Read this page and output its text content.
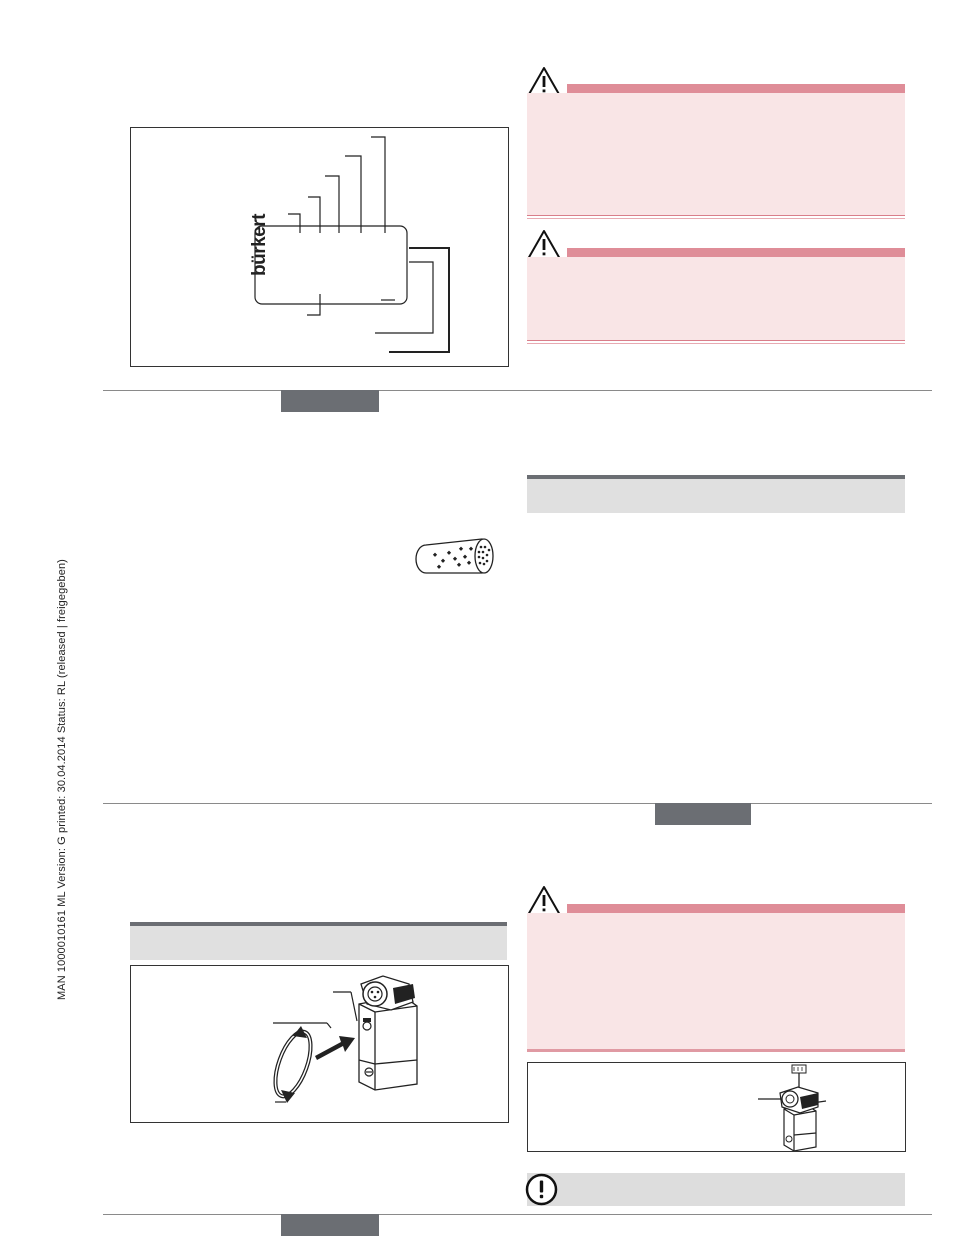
MAN 1000010161 ML Version: G printed: 30.04.2014 Status: RL (released | freigegeben)
bürkert
